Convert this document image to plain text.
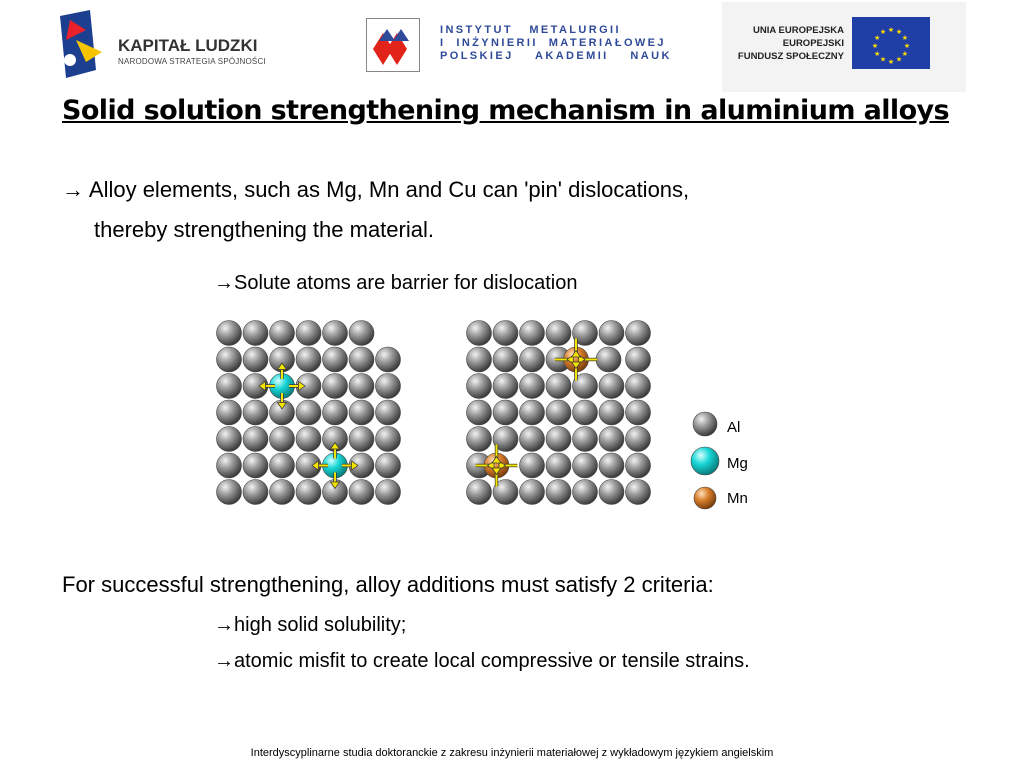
KAPITAŁ LUDZKI
NARODOWA STRATEGIA SPÓJNOŚCI
INSTYTUT   METALURGII
I  INŻYNIERII  MATERIAŁOWEJ
POLSKIEJ    AKADEMII    NAUK
UNIA EUROPEJSKA
EUROPEJSKI
FUNDUSZ SPOŁECZNY
★ ★
★
★
★
★
★
★
★
★
★
★
Solid solution strengthening mechanism in aluminium alloys
→ Alloy elements, such as Mg, Mn and Cu can 'pin' dislocations,
thereby strengthening the material.
→Solute atoms are barrier for dislocation
Al
Mg
Mn
For successful strengthening, alloy additions must satisfy 2 criteria:
→high solid solubility;
→atomic misfit to create local compressive or tensile strains.
Interdyscyplinarne studia doktoranckie z zakresu inżynierii materiałowej z wykładowym językiem angielskim
